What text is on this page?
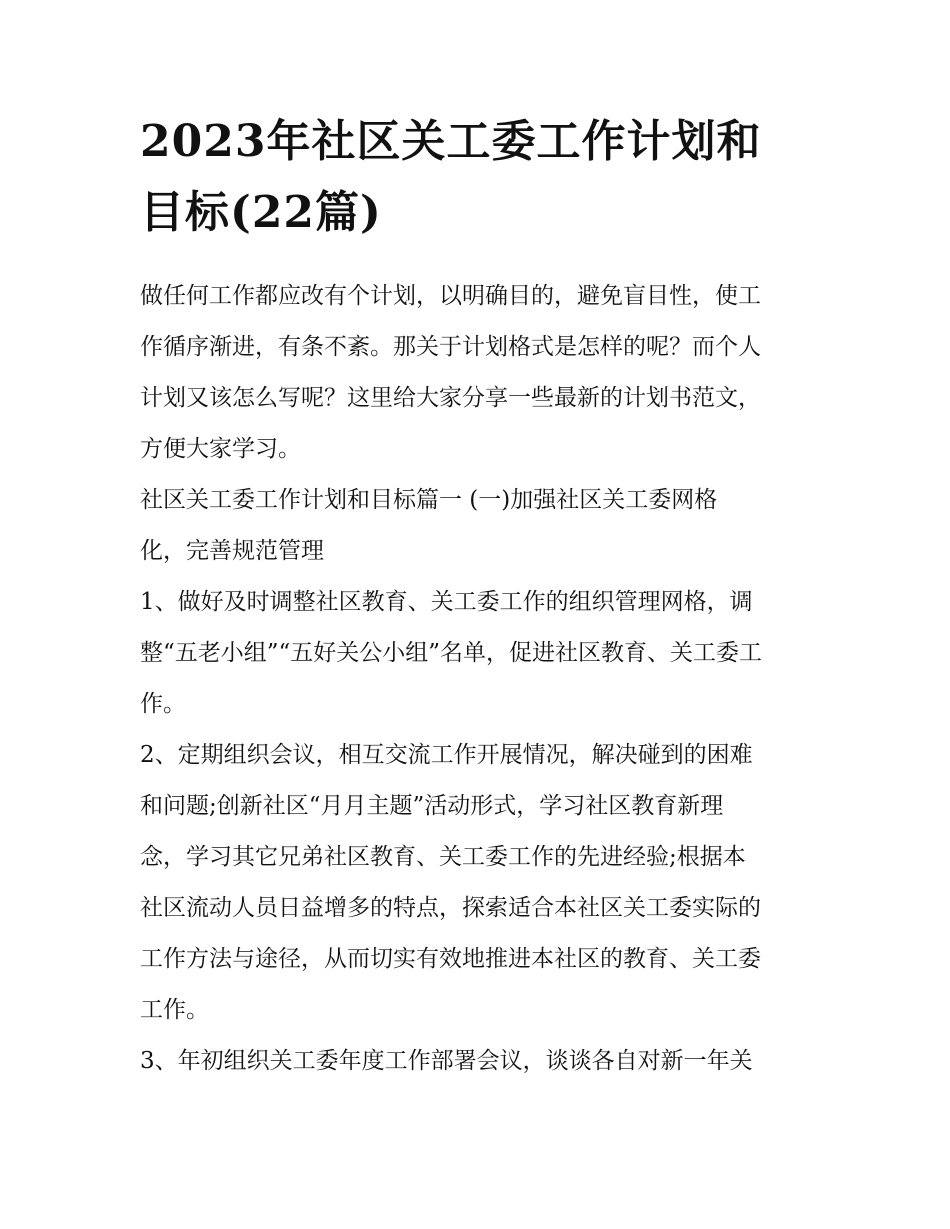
2023年社区关工委工作计划和
目标(22篇)

做任何工作都应改有个计划，以明确目的，避免盲目性，使工
作循序渐进，有条不紊。那关于计划格式是怎样的呢？而个人
计划又该怎么写呢？这里给大家分享一些最新的计划书范文，
方便大家学习。

社区关工委工作计划和目标篇一 (一)加强社区关工委网格
化，完善规范管理

1、做好及时调整社区教育、关工委工作的组织管理网格，调
整“五老小组”“五好关公小组”名单，促进社区教育、关工委工
作。

2、定期组织会议，相互交流工作开展情况，解决碰到的困难
和问题;创新社区“月月主题”活动形式，学习社区教育新理
念，学习其它兄弟社区教育、关工委工作的先进经验;根据本
社区流动人员日益增多的特点，探索适合本社区关工委实际的
工作方法与途径，从而切实有效地推进本社区的教育、关工委
工作。

3、年初组织关工委年度工作部署会议，谈谈各自对新一年关
